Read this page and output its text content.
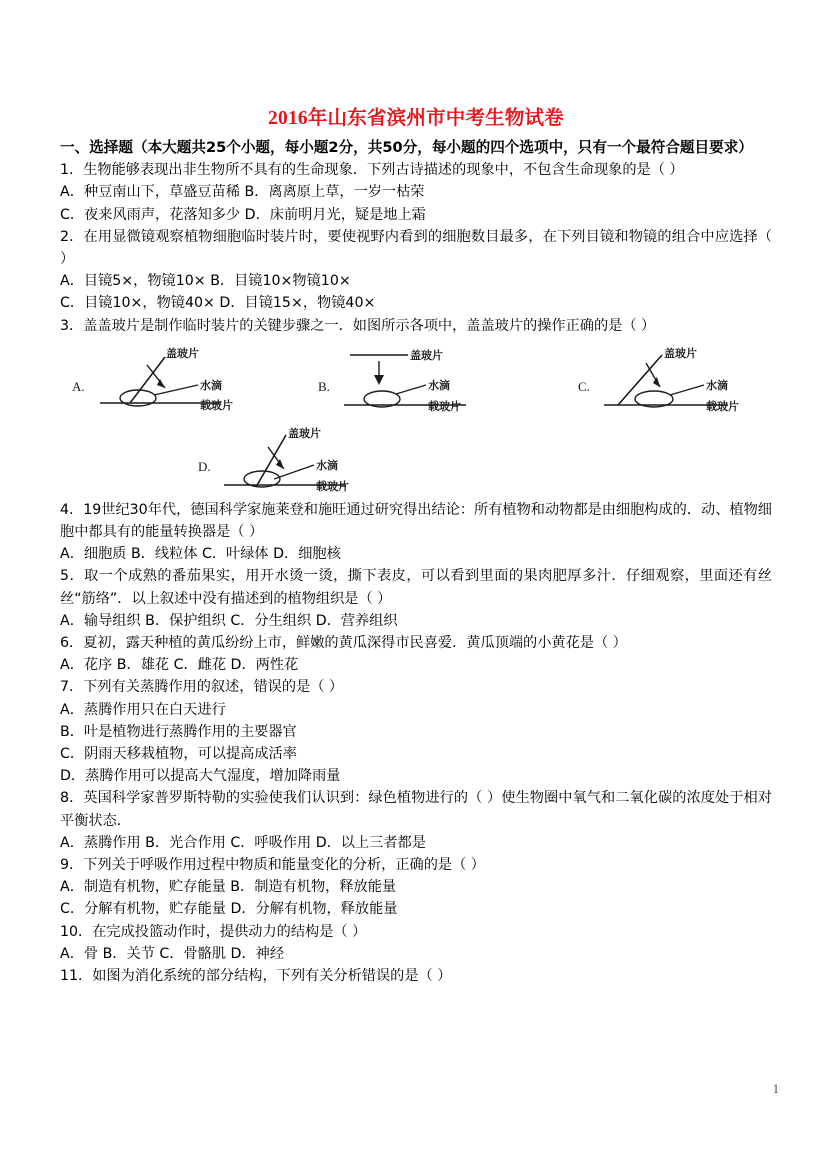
2016年山东省滨州市中考生物试卷

一、选择题（本大题共25个小题，每小题2分，共50分，每小题的四个选项中，只有一个最符合题目要求）

1．生物能够表现出非生物所不具有的生命现象．下列古诗描述的现象中，不包含生命现象的是（ ）

A．种豆南山下，草盛豆苗稀 B．离离原上草，一岁一枯荣

C．夜来风雨声，花落知多少 D．床前明月光，疑是地上霜

2．在用显微镜观察植物细胞临时装片时，要使视野内看到的细胞数目最多，在下列目镜和物镜的组合中应选择（ ）

A．目镜5×，物镜10× B．目镜10×物镜10×

C．目镜10×，物镜40× D．目镜15×，物镜40×

3．盖盖玻片是制作临时装片的关键步骤之一．如图所示各项中，盖盖玻片的操作正确的是（ ）

A.
盖玻片
水滴
载玻片
B.
盖玻片
水滴
载玻片
C.
盖玻片
水滴
载玻片
D.
盖玻片
水滴
载玻片

4．19世纪30年代，德国科学家施莱登和施旺通过研究得出结论：所有植物和动物都是由细胞构成的．动、植物细胞中都具有的能量转换器是（ ）

A．细胞质 B．线粒体 C．叶绿体 D．细胞核

5．取一个成熟的番茄果实，用开水烫一烫，撕下表皮，可以看到里面的果肉肥厚多汁．仔细观察，里面还有丝丝“筋络”．以上叙述中没有描述到的植物组织是（ ）

A．输导组织 B．保护组织 C．分生组织 D．营养组织

6．夏初，露天种植的黄瓜纷纷上市，鲜嫩的黄瓜深得市民喜爱．黄瓜顶端的小黄花是（ ）

A．花序 B．雄花 C．雌花 D．两性花

7．下列有关蒸腾作用的叙述，错误的是（ ）

A．蒸腾作用只在白天进行

B．叶是植物进行蒸腾作用的主要器官

C．阴雨天移栽植物，可以提高成活率

D．蒸腾作用可以提高大气湿度，增加降雨量

8．英国科学家普罗斯特勒的实验使我们认识到：绿色植物进行的（ ）使生物圈中氧气和二氧化碳的浓度处于相对平衡状态．

A．蒸腾作用 B．光合作用 C．呼吸作用 D．以上三者都是

9．下列关于呼吸作用过程中物质和能量变化的分析，正确的是（ ）

A．制造有机物，贮存能量 B．制造有机物，释放能量

C．分解有机物，贮存能量 D．分解有机物，释放能量

10．在完成投篮动作时，提供动力的结构是（ ）

A．骨 B．关节 C．骨骼肌 D．神经

11．如图为消化系统的部分结构，下列有关分析错误的是（ ）

1
